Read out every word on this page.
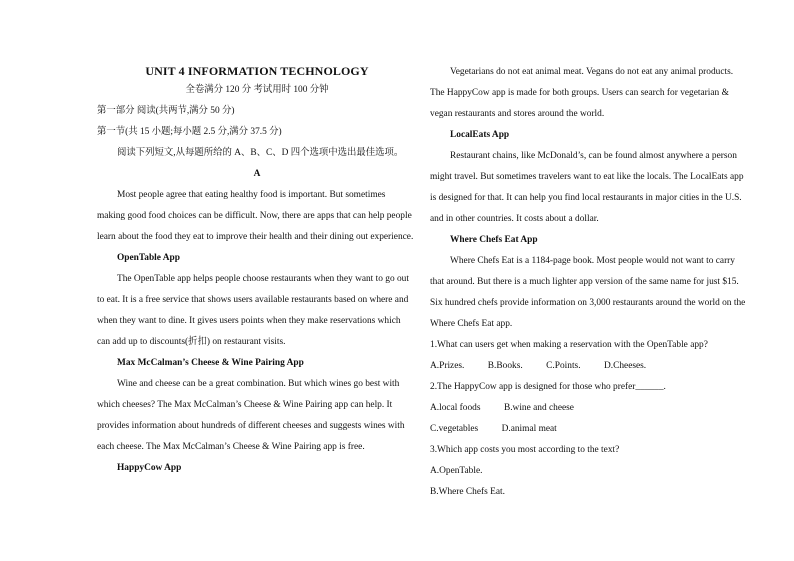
UNIT 4 INFORMATION TECHNOLOGY
全卷满分 120 分 考试用时 100 分钟
第一部分 阅读(共两节,满分 50 分)
第一节(共 15 小题;每小题 2.5 分,满分 37.5 分)
阅读下列短文,从每题所给的 A、B、C、D 四个选项中选出最佳选项。
A
Most people agree that eating healthy food is important. But sometimes
making good food choices can be difficult. Now, there are apps that can help people
learn about the food they eat to improve their health and their dining out experience.
OpenTable App
The OpenTable app helps people choose restaurants when they want to go out
to eat. It is a free service that shows users available restaurants based on where and
when they want to dine. It gives users points when they make reservations which
can add up to discounts(折扣) on restaurant visits.
Max McCalman’s Cheese & Wine Pairing App
Wine and cheese can be a great combination. But which wines go best with
which cheeses? The Max McCalman’s Cheese & Wine Pairing app can help. It
provides information about hundreds of different cheeses and suggests wines with
each cheese. The Max McCalman’s Cheese & Wine Pairing app is free.
HappyCow App
Vegetarians do not eat animal meat. Vegans do not eat any animal products.
The HappyCow app is made for both groups. Users can search for vegetarian &
vegan restaurants and stores around the world.
LocalEats App
Restaurant chains, like McDonald’s, can be found almost anywhere a person
might travel. But sometimes travelers want to eat like the locals. The LocalEats app
is designed for that. It can help you find local restaurants in major cities in the U.S.
and in other countries. It costs about a dollar.
Where Chefs Eat App
Where Chefs Eat is a 1184-page book. Most people would not want to carry
that around. But there is a much lighter app version of the same name for just $15.
Six hundred chefs provide information on 3,000 restaurants around the world on the
Where Chefs Eat app.
1.What can users get when making a reservation with the OpenTable app?
A.Prizes.          B.Books.          C.Points.          D.Cheeses.
2.The HappyCow app is designed for those who prefer______.
A.local foods          B.wine and cheese
C.vegetables          D.animal meat
3.Which app costs you most according to the text?
A.OpenTable.
B.Where Chefs Eat.
